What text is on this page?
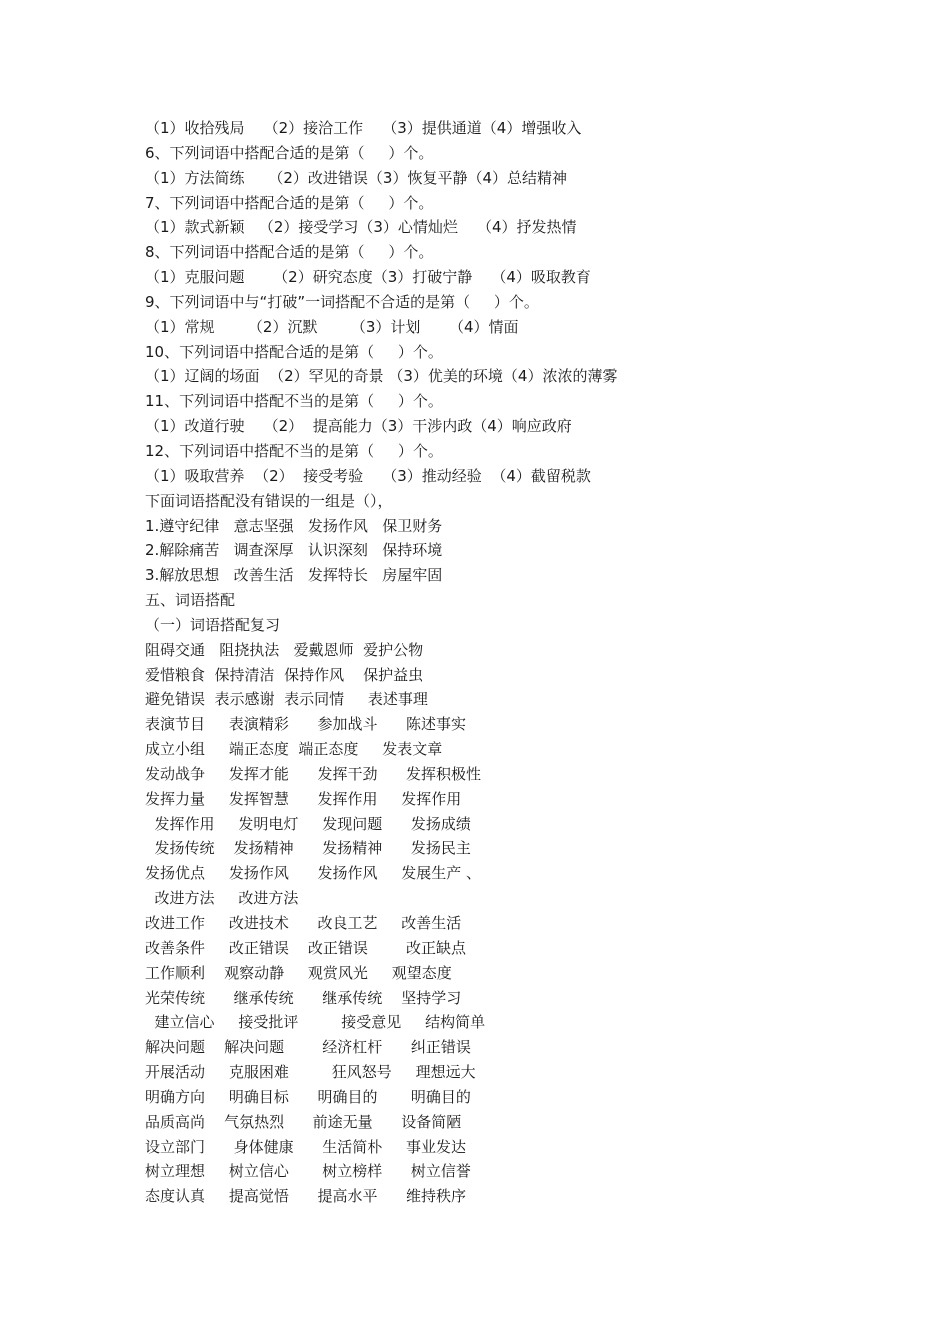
（1）收拾残局    （2）接洽工作    （3）提供通道（4）增强收入
6、下列词语中搭配合适的是第（     ）个。
（1）方法简练     （2）改进错误（3）恢复平静（4）总结精神
7、下列词语中搭配合适的是第（     ）个。
（1）款式新颖   （2）接受学习（3）心情灿烂    （4）抒发热情
8、下列词语中搭配合适的是第（     ）个。
（1）克服问题      （2）研究态度（3）打破宁静    （4）吸取教育
9、下列词语中与“打破”一词搭配不合适的是第（     ）个。
（1）常规       （2）沉默       （3）计划      （4）情面
10、下列词语中搭配合适的是第（     ）个。
（1）辽阔的场面  （2）罕见的奇景 （3）优美的环境（4）浓浓的薄雾
11、下列词语中搭配不当的是第（     ）个。
（1）改道行驶    （2）  提高能力（3）干涉内政（4）响应政府
12、下列词语中搭配不当的是第（     ）个。
（1）吸取营养  （2）  接受考验    （3）推动经验  （4）截留税款
下面词语搭配没有错误的一组是（），
1.遵守纪律   意志坚强   发扬作风   保卫财务
2.解除痛苦   调查深厚   认识深刻   保持环境
3.解放思想   改善生活   发挥特长   房屋牢固
五、词语搭配
（一）词语搭配复习
阻碍交通   阻挠执法   爱戴恩师  爱护公物
爱惜粮食  保持清洁  保持作风    保护益虫
避免错误  表示感谢  表示同情     表述事理
表演节目     表演精彩      参加战斗      陈述事实
成立小组     端正态度  端正态度     发表文章
发动战争     发挥才能      发挥干劲      发挥积极性
发挥力量     发挥智慧      发挥作用     发挥作用
发挥作用     发明电灯     发现问题      发扬成绩
发扬传统    发扬精神      发扬精神      发扬民主
发扬优点     发扬作风      发扬作风     发展生产 、
改进方法     改进方法
改进工作     改进技术      改良工艺     改善生活
改善条件     改正错误    改正错误        改正缺点
工作顺利    观察动静     观赏风光     观望态度
光荣传统      继承传统      继承传统    坚持学习
建立信心     接受批评         接受意见     结构简单
解决问题    解决问题        经济杠杆      纠正错误
开展活动     克服困难         狂风怒号     理想远大
明确方向     明确目标      明确目的       明确目的
品质高尚    气氛热烈      前途无量      设备简陋
设立部门      身体健康      生活简朴     事业发达
树立理想     树立信心       树立榜样      树立信誉
态度认真     提高觉悟      提高水平      维持秩序
